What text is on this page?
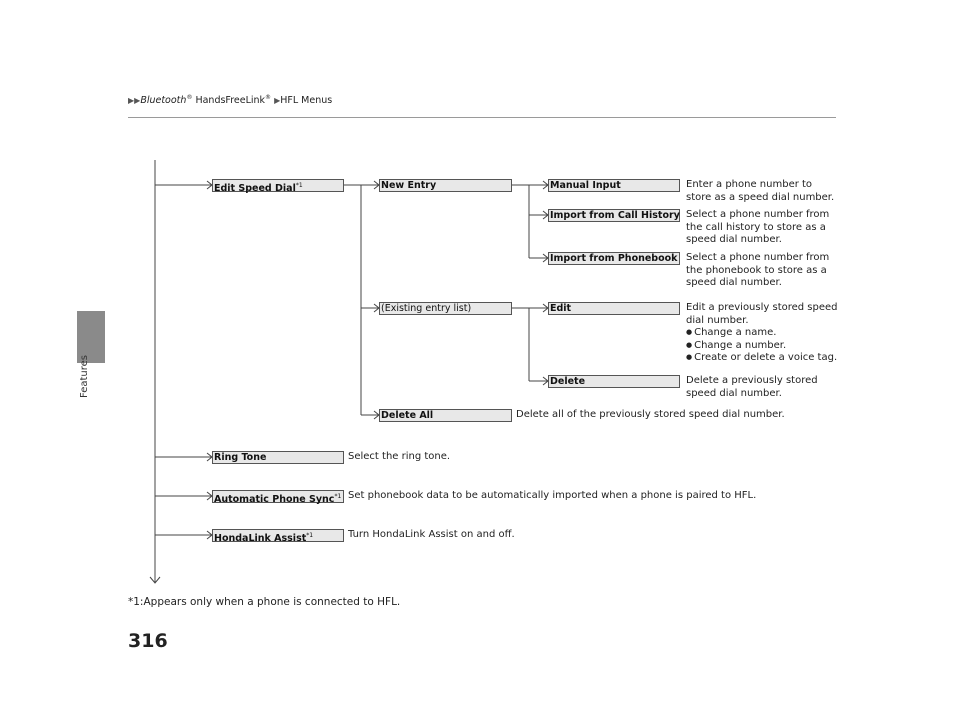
Features
▶▶Bluetooth® HandsFreeLink® ▶HFL Menus
Edit Speed Dial$^{*1}$
Ring Tone	Select the ring tone.
Automatic Phone Sync$^{*1}$ Set phonebook data to be automatically imported when a phone is paired to HFL.
HondaLink Assist$^{*1}$	Turn HondaLink Assist on and off.
New Entry
(Existing entry list)
Delete All	Delete all of the previously stored speed dial number.
Manual Input	Enter a phone number to
store as a speed dial number.
Import from Call History Select a phone number from
the call history to store as a
speed dial number.
Import from Phonebook Select a phone number from
the phonebook to store as a
speed dial number.
Edit	Edit a previously stored speed
dial number.
● Change a name.
● Change a number.
● Create or delete a voice tag.
Delete	Delete a previously stored
speed dial number.
*1:Appears only when a phone is connected to HFL.
316
